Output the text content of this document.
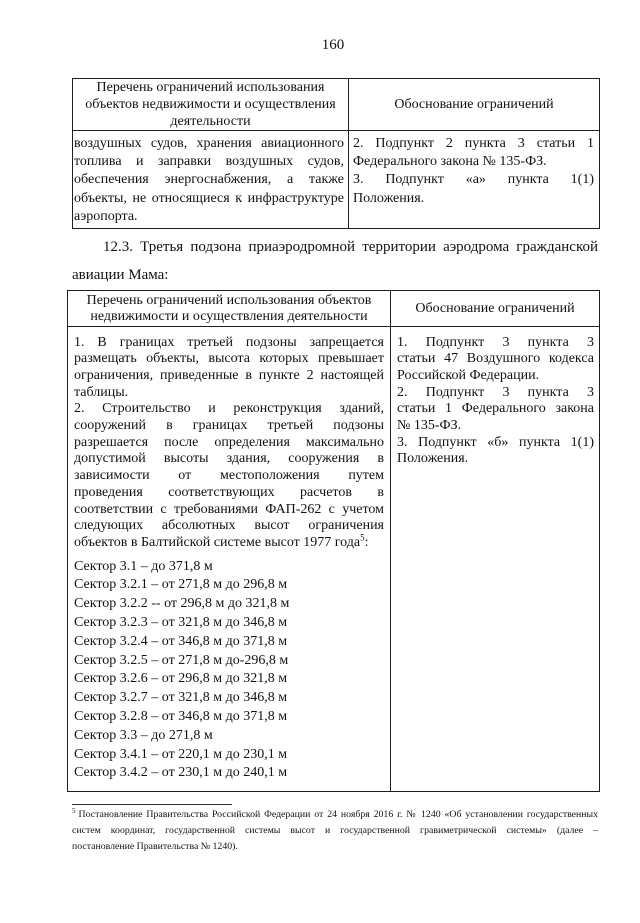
160
Перечень ограничений использования
объектов недвижимости и осуществления
деятельности
Обоснование ограничений
воздушных судов, хранения авиационного
топлива и заправки воздушных судов,
обеспечения энергоснабжения, а также
объекты, не относящиеся к инфраструктуре
аэропорта.
2. Подпункт 2 пункта 3 статьи 1
Федерального закона № 135-ФЗ.
3. Подпункт «а» пункта 1(1)
Положения.
12.3. Третья подзона приаэродромной территории аэродрома гражданской
авиации Мама:
Перечень ограничений использования объектов
недвижимости и осуществления деятельности
Обоснование ограничений
1. В границах третьей подзоны запрещается
размещать объекты, высота которых превышает
ограничения, приведенные в пункте 2 настоящей
таблицы.
2. Строительство и реконструкция зданий,
сооружений в границах третьей подзоны
разрешается после определения максимально
допустимой высоты здания, сооружения в
зависимости от местоположения путем
проведения соответствующих расчетов в
соответствии с требованиями ФАП-262 с учетом
следующих абсолютных высот ограничения
объектов в Балтийской системе высот 1977 года$^5$:
Сектор 3.1 – до 371,8 м
Сектор 3.2.1 – от 271,8 м до 296,8 м
Сектор 3.2.2 -- от 296,8 м до 321,8 м
Сектор 3.2.3 – от 321,8 м до 346,8 м
Сектор 3.2.4 – от 346,8 м до 371,8 м
Сектор 3.2.5 – от 271,8 м до-296,8 м
Сектор 3.2.6 – от 296,8 м до 321,8 м
Сектор 3.2.7 – от 321,8 м до 346,8 м
Сектор 3.2.8 – от 346,8 м до 371,8 м
Сектор 3.3 – до 271,8 м
Сектор 3.4.1 – от 220,1 м до 230,1 м
Сектор 3.4.2 – от 230,1 м до 240,1 м
1. Подпункт 3 пункта 3
статьи 47 Воздушного кодекса
Российской Федерации.
2. Подпункт 3 пункта 3
статьи 1 Федерального закона
№ 135-ФЗ.
3. Подпункт «б» пункта 1(1)
Положения.
$^5$ Постановление Правительства Российской Федерации от 24 ноября 2016 г. № 1240 «Об установлении государственных
систем координат, государственной системы высот и государственной гравиметрической системы» (далее –
постановление Правительства № 1240).
